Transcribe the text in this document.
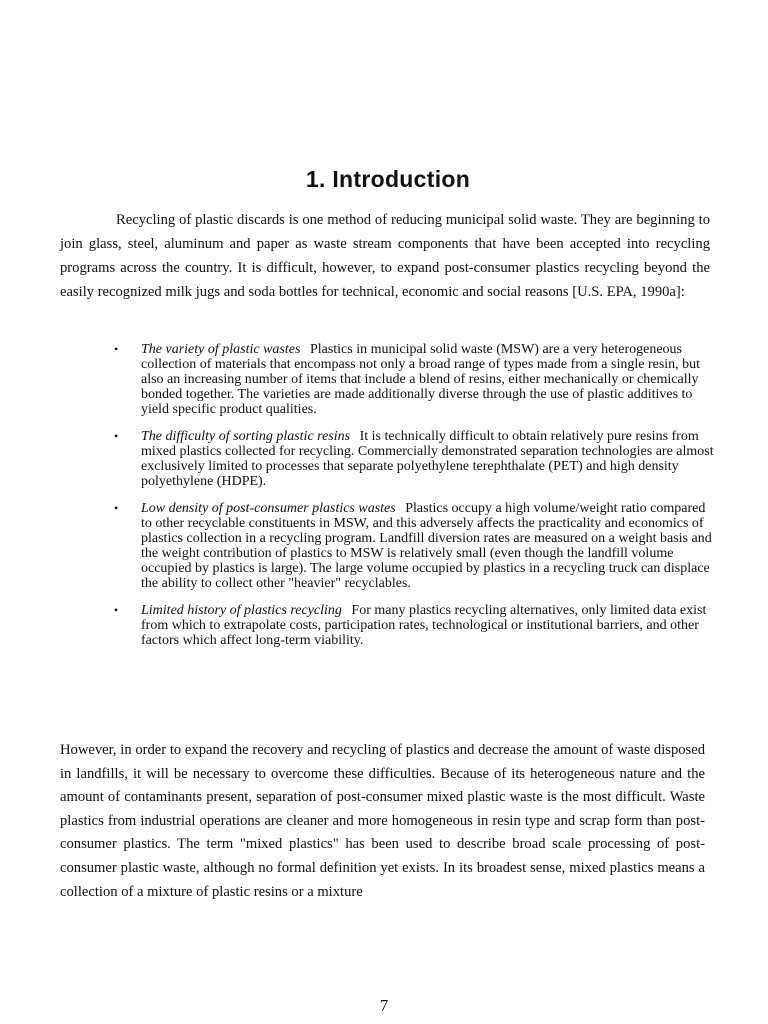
1. Introduction

Recycling of plastic discards is one method of reducing municipal solid waste. They are beginning to join glass, steel, aluminum and paper as waste stream components that have been accepted into recycling programs across the country. It is difficult, however, to expand post-consumer plastics recycling beyond the easily recognized milk jugs and soda bottles for technical, economic and social reasons [U.S. EPA, 1990a]:

• The variety of plastic wastes Plastics in municipal solid waste (MSW) are a very heterogeneous collection of materials that encompass not only a broad range of types made from a single resin, but also an increasing number of items that include a blend of resins, either mechanically or chemically bonded together. The varieties are made additionally diverse through the use of plastic additives to yield specific product qualities.
• The difficulty of sorting plastic resins It is technically difficult to obtain relatively pure resins from mixed plastics collected for recycling. Commercially demonstrated separation technologies are almost exclusively limited to processes that separate polyethylene terephthalate (PET) and high density polyethylene (HDPE).
• Low density of post-consumer plastics wastes Plastics occupy a high volume/weight ratio compared to other recyclable constituents in MSW, and this adversely affects the practicality and economics of plastics collection in a recycling program. Landfill diversion rates are measured on a weight basis and the weight contribution of plastics to MSW is relatively small (even though the landfill volume occupied by plastics is large). The large volume occupied by plastics in a recycling truck can displace the ability to collect other "heavier" recyclables.
• Limited history of plastics recycling For many plastics recycling alternatives, only limited data exist from which to extrapolate costs, participation rates, technological or institutional barriers, and other factors which affect long-term viability.

However, in order to expand the recovery and recycling of plastics and decrease the amount of waste disposed in landfills, it will be necessary to overcome these difficulties. Because of its heterogeneous nature and the amount of contaminants present, separation of post-consumer mixed plastic waste is the most difficult. Waste plastics from industrial operations are cleaner and more homogeneous in resin type and scrap form than post-consumer plastics. The term "mixed plastics" has been used to describe broad scale processing of post-consumer plastic waste, although no formal definition yet exists. In its broadest sense, mixed plastics means a collection of a mixture of plastic resins or a mixture

7
